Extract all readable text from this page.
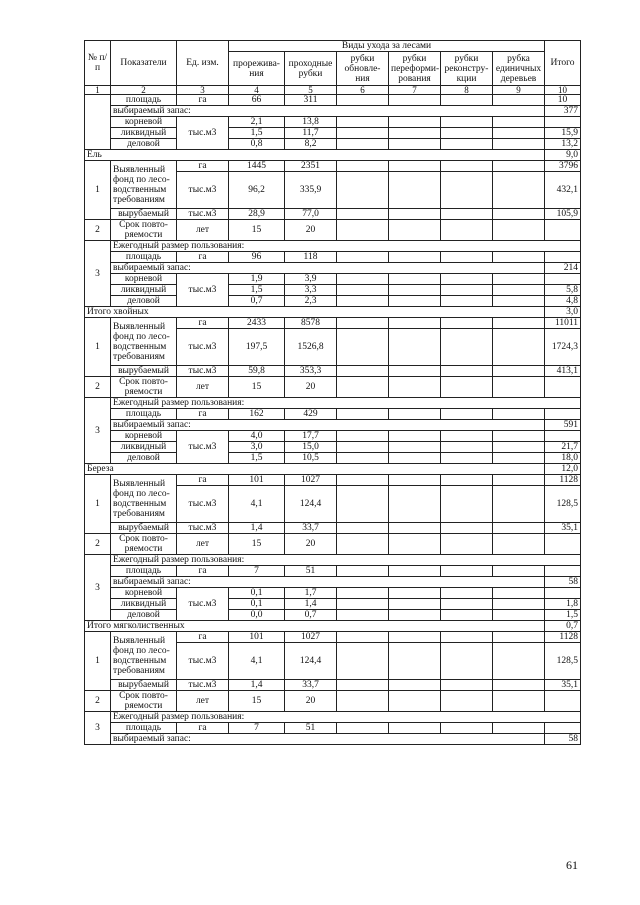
№ п/п	Показатели	Ед. изм.	Виды ухода за лесами						Итого
			прорежива-ния	проходные рубки	рубки обновле-ния	рубки переформи-рования	рубки реконстру-кции	рубка единичных деревьев	
1	2	3	4	5	6	7	8	9	10
	площадь	га	66	311					10
	выбираемый запас:								377
	корневой	тыс.м3	2,1	13,8					
	ликвидный		1,5	11,7					15,9
	деловой		0,8	8,2					13,2
Ель									9,0
1	Выявленный фонд по лесо-водственным требованиям	га	1445	2351					3796
		тыс.м3	96,2	335,9					432,1
	вырубаемый	тыс.м3	28,9	77,0					105,9
2	Срок повто-ряемости	лет	15	20					
3	Ежегодный размер пользования:								
	площадь	га	96	118					
	выбираемый запас:								214
	корневой	тыс.м3	1,9	3,9					
	ликвидный		1,5	3,3					5,8
	деловой		0,7	2,3					4,8
Итого хвойных									3,0
1	Выявленный фонд по лесо-водственным требованиям	га	2433	8578					11011
		тыс.м3	197,5	1526,8					1724,3
	вырубаемый	тыс.м3	59,8	353,3					413,1
2	Срок повто-ряемости	лет	15	20					
3	Ежегодный размер пользования:								
	площадь	га	162	429					
	выбираемый запас:								591
	корневой	тыс.м3	4,0	17,7					
	ликвидный		3,0	15,0					21,7
	деловой		1,5	10,5					18,0
Береза									12,0
1	Выявленный фонд по лесо-водственным требованиям	га	101	1027					1128
		тыс.м3	4,1	124,4					128,5
	вырубаемый	тыс.м3	1,4	33,7					35,1
2	Срок повто-ряемости	лет	15	20					
3	Ежегодный размер пользования:								
	площадь	га	7	51					
	выбираемый запас:								58
	корневой	тыс.м3	0,1	1,7					
	ликвидный		0,1	1,4					1,8
	деловой		0,0	0,7					1,5
Итого мягколиственных									0,7
1	Выявленный фонд по лесо-водственным требованиям	га	101	1027					1128
		тыс.м3	4,1	124,4					128,5
	вырубаемый	тыс.м3	1,4	33,7					35,1
2	Срок повто-ряемости	лет	15	20					
3	Ежегодный размер пользования:								
	площадь	га	7	51					
	выбираемый запас:								58
61
